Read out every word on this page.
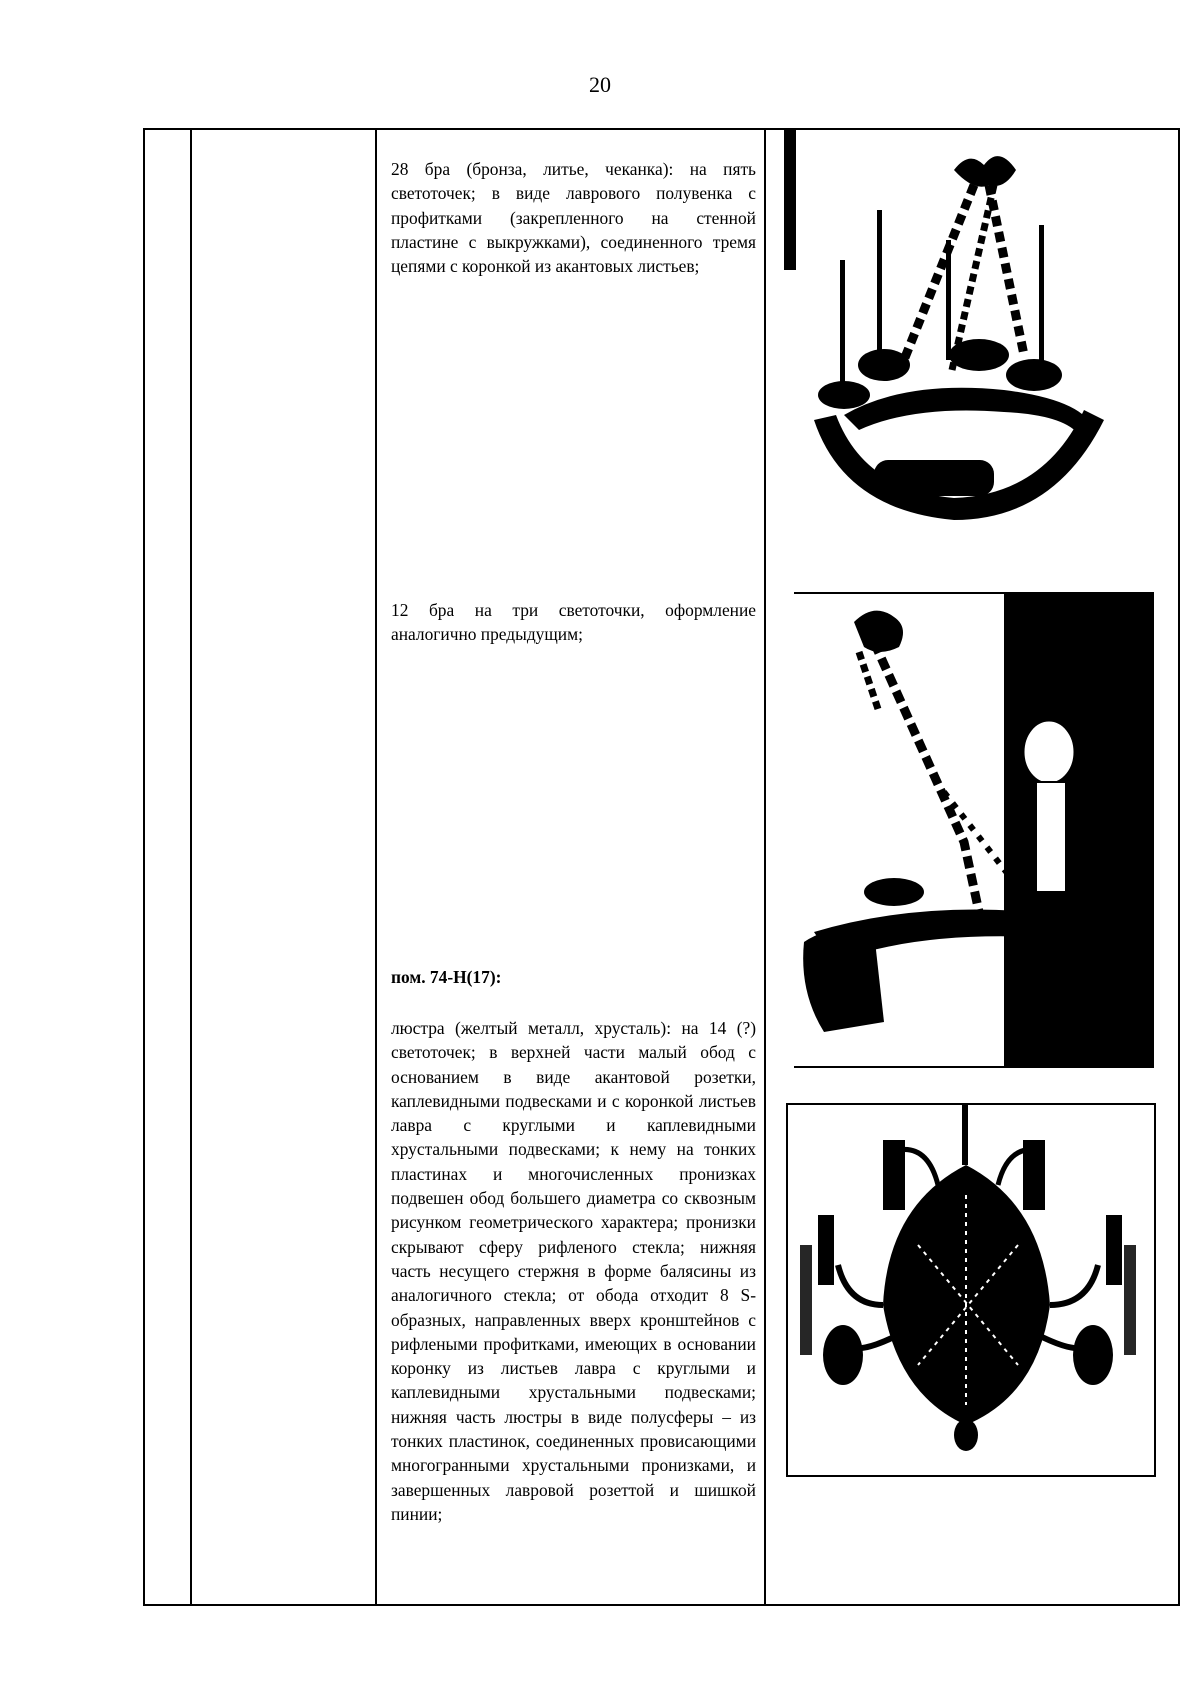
20

28 бра (бронза, литье, чеканка): на пять светоточек; в виде лаврового полувенка с профитками (закрепленного на стенной пластине с выкружками), соединенного тремя цепями с коронкой из акантовых листьев;
12 бра на три светоточки, оформление аналогично предыдущим;
пом. 74-Н(17):
люстра (желтый металл, хрусталь): на 14 (?) светоточек; в верхней части малый обод с основанием в виде акантовой розетки, каплевидными подвесками и с коронкой листьев лавра с круглыми и каплевидными хрустальными подвесками; к нему на тонких пластинах и многочисленных пронизках подвешен обод большего диаметра со сквозным рисунком геометрического характера; пронизки скрывают сферу рифленого стекла; нижняя часть несущего стержня в форме балясины из аналогичного стекла; от обода отходит 8 S-образных, направленных вверх кронштейнов с рифлеными профитками, имеющих в основании коронку из листьев лавра с круглыми и каплевидными хрустальными подвесками; нижняя часть люстры в виде полусферы – из тонких пластинок, соединенных провисающими многогранными хрустальными пронизками, и завершенных лавровой розеттой и шишкой пинии;
